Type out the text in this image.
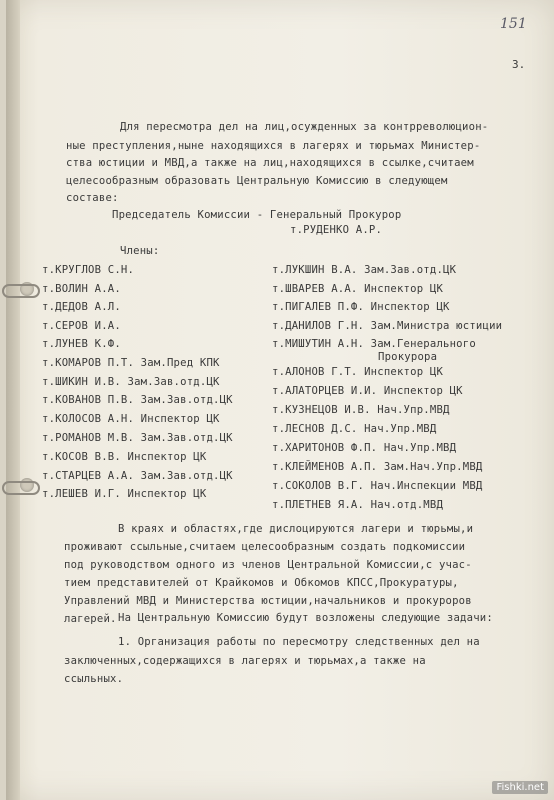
151
3.
Для пересмотра дел на лиц,осужденных за контрреволюцион-
ные преступления,ныне находящихся в лагерях и тюрьмах Министер-
ства юстиции и МВД,а также на лиц,находящихся в ссылке,считаем
целесообразным образовать Центральную Комиссию в следующем
составе:
Председатель Комиссии - Генеральный Прокурор
т.РУДЕНКО А.Р.
Члены:
т.КРУГЛОВ С.Н.
т.ВОЛИН А.А.
т.ДЕДОВ А.Л.
т.СЕРОВ И.А.
т.ЛУНЕВ К.Ф.
т.КОМАРОВ П.Т. Зам.Пред КПК
т.ШИКИН И.В. Зам.Зав.отд.ЦК
т.КОВАНОВ П.В. Зам.Зав.отд.ЦК
т.КОЛОСОВ А.Н. Инспектор ЦК
т.РОМАНОВ М.В. Зам.Зав.отд.ЦК
т.КОСОВ В.В. Инспектор ЦК
т.СТАРЦЕВ А.А. Зам.Зав.отд.ЦК
т.ЛЕШЕВ И.Г. Инспектор ЦК
т.ЛУКШИН В.А. Зам.Зав.отд.ЦК
т.ШВАРЕВ А.А. Инспектор ЦК
т.ПИГАЛЕВ П.Ф. Инспектор ЦК
т.ДАНИЛОВ Г.Н. Зам.Министра юстиции
т.МИШУТИН А.Н. Зам.Генерального
Прокурора
т.АЛОНОВ Г.Т. Инспектор ЦК
т.АЛАТОРЦЕВ И.И. Инспектор ЦК
т.КУЗНЕЦОВ И.В. Нач.Упр.МВД
т.ЛЕСНОВ Д.С. Нач.Упр.МВД
т.ХАРИТОНОВ Ф.П. Нач.Упр.МВД
т.КЛЕЙМЕНОВ А.П. Зам.Нач.Упр.МВД
т.СОКОЛОВ В.Г. Нач.Инспекции МВД
т.ПЛЕТНЕВ Я.А. Нач.отд.МВД
В краях и областях,где дислоцируются лагери и тюрьмы,и
проживают ссыльные,считаем целесообразным создать подкомиссии
под руководством одного из членов Центральной Комиссии,с учас-
тием представителей от Крайкомов и Обкомов КПСС,Прокуратуры,
Управлений МВД и Министерства юстиции,начальников и прокуроров
лагерей. На Центральную Комиссию будут возложены следующие задачи:
1. Организация работы по пересмотру следственных дел на
заключенных,содержащихся в лагерях и тюрьмах,а также на
ссыльных.
Fishki.net
